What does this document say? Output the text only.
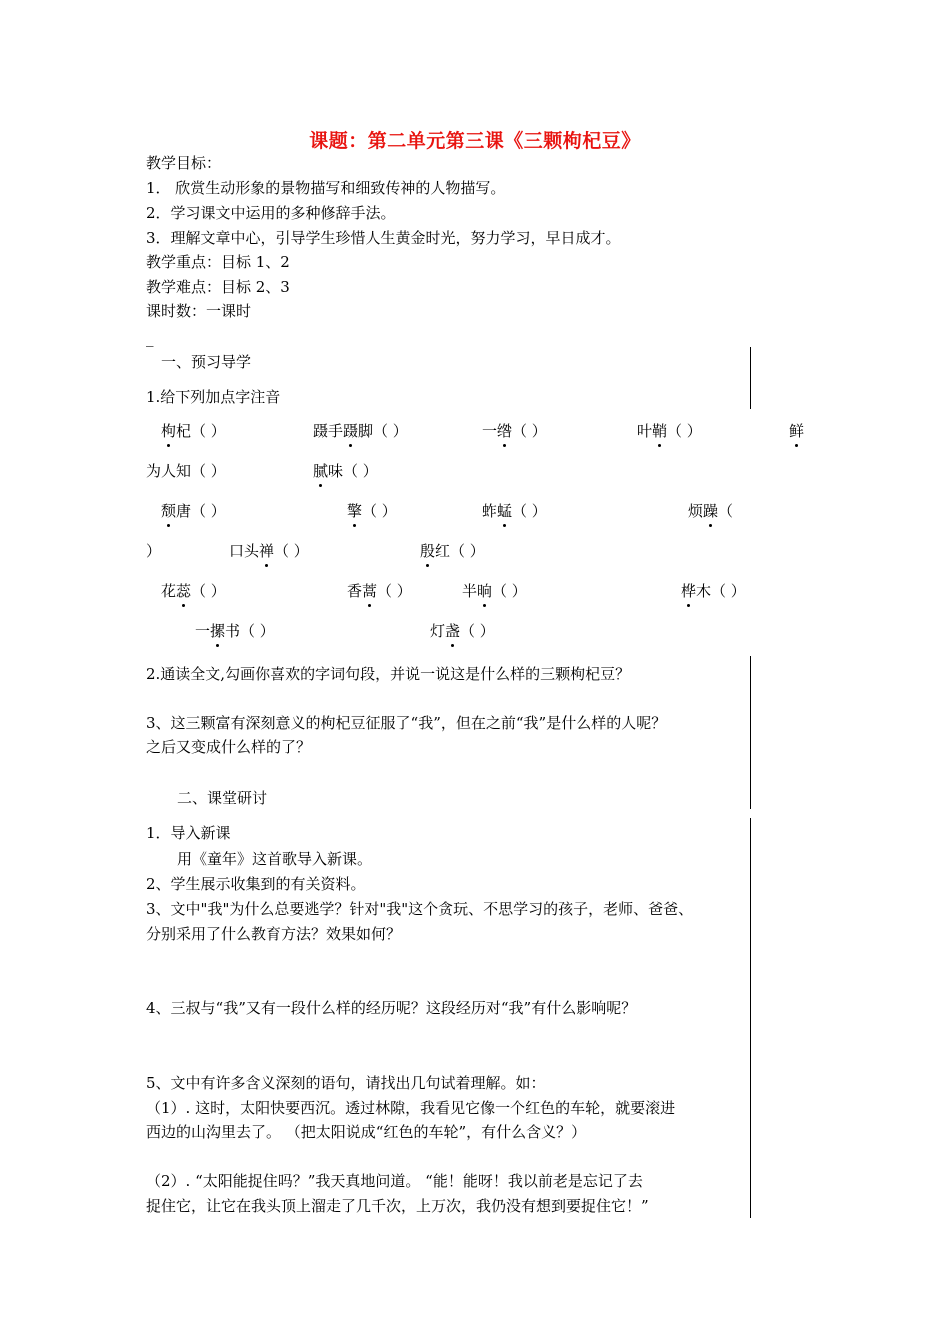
课题：第二单元第三课《三颗枸杞豆》
教学目标：
1． 欣赏生动形象的景物描写和细致传神的人物描写。
2．学习课文中运用的多种修辞手法。
3．理解文章中心，引导学生珍惜人生黄金时光，努力学习，早日成才。
教学重点：目标 1、2
教学难点：目标 2、3
课时数：一课时
_
一、预习导学
1.给下列加点字注音
枸杞（ ）	蹑手蹑脚（ ）	一绺（ ）	叶鞘（ ）	鲜
为人知（ ）	腻味（ ）
颓唐（ ）	擎（ ）	蚱蜢（ ）	烦躁（
）	口头禅（ ）	殷红（ ）
花蕊（ ）	香蒿（ ）	半晌（ ）	桦木（ ）
一摞书（ ）	灯盏（ ）
2.通读全文,勾画你喜欢的字词句段，并说一说这是什么样的三颗枸杞豆？
3、这三颗富有深刻意义的枸杞豆征服了“我”，但在之前“我”是什么样的人呢？
之后又变成什么样的了？
二、课堂研讨
1．导入新课
用《童年》这首歌导入新课。
2、学生展示收集到的有关资料。
3、文中"我"为什么总要逃学？针对"我"这个贪玩、不思学习的孩子，老师、爸爸、
分别采用了什么教育方法？效果如何？
4、三叔与“我”又有一段什么样的经历呢？这段经历对“我”有什么影响呢？
5、文中有许多含义深刻的语句，请找出几句试着理解。如：
（1）. 这时，太阳快要西沉。透过林隙，我看见它像一个红色的车轮，就要滚进
西边的山沟里去了。 （把太阳说成“红色的车轮”，有什么含义？）
（2）. “太阳能捉住吗？”我天真地问道。 “能！能呀！我以前老是忘记了去
捉住它，让它在我头顶上溜走了几千次，上万次，我仍没有想到要捉住它！”
